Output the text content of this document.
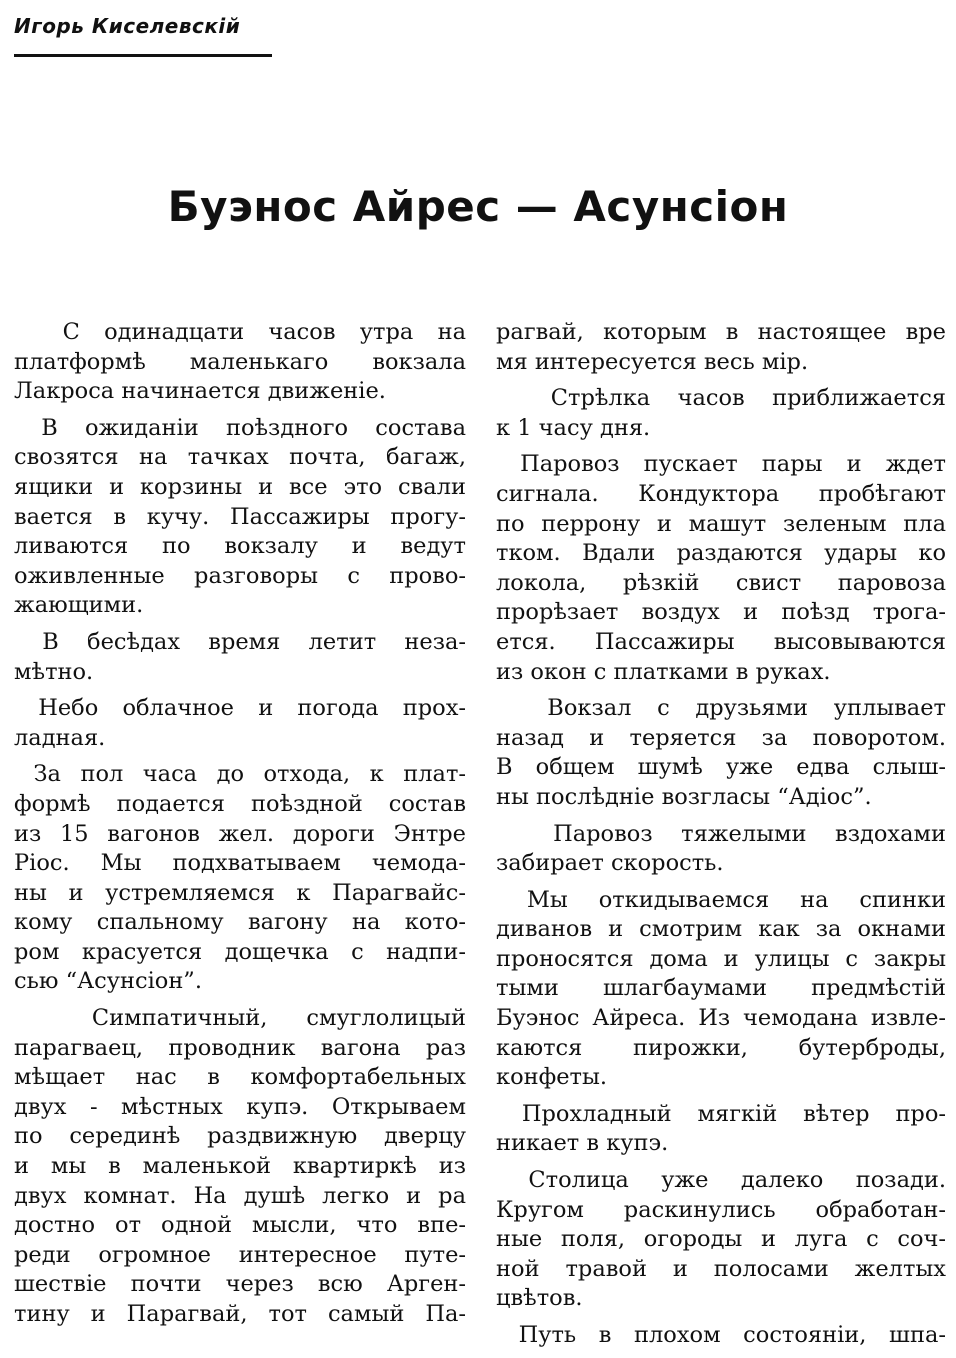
Игорь Киселевскій
Буэнос Айрес — Асунсіон
С одинадцати часов утра на
платформѣ маленькаго вокзала
Лакроса начинается движеніе.
В ожиданіи поѣздного состава
свозятся на тачках почта, багаж,
ящики и корзины и все это свали
вается в кучу. Пассажиры прогу-
ливаются по вокзалу и ведут
оживленные разговоры с прово-
жающими.
В бесѣдах время летит неза-
мѣтно.
Небо облачное и погода прох-
ладная.
За пол часа до отхода, к плат-
формѣ подается поѣздной состав
из 15 вагонов жел. дороги Энтре
Ріос. Мы подхватываем чемода-
ны и устремляемся к Парагвайс-
кому спальному вагону на кото-
ром красуется дощечка с надпи-
сью “Асунсіон”.
Симпатичный, смуглолицый
парагваец, проводник вагона раз
мѣщает нас в комфортабельных
двух - мѣстных купэ. Открываем
по серединѣ раздвижную дверцу
и мы в маленькой квартиркѣ из
двух комнат. На душѣ легко и ра
достно от одной мысли, что впе-
реди огромное интересное путе-
шествіе почти через всю Арген-
тину и Парагвай, тот самый Па-
рагвай, которым в настоящее вре
мя интересуется весь мір.
Стрѣлка часов приближается
к 1 часу дня.
Паровоз пускает пары и ждет
сигнала. Кондуктора пробѣгают
по перрону и машут зеленым пла
тком. Вдали раздаются удары ко
локола, рѣзкій свист паровоза
прорѣзает воздух и поѣзд трога-
ется. Пассажиры высовываются
из окон с платками в руках.
Вокзал с друзьями уплывает
назад и теряется за поворотом.
В общем шумѣ уже едва слыш-
ны послѣдніе возгласы “Адіос”.
Паровоз тяжелыми вздохами
забирает скорость.
Мы откидываемся на спинки
диванов и смотрим как за окнами
проносятся дома и улицы с закры
тыми шлагбаумами предмѣстій
Буэнос Айреса. Из чемодана извле-
каются пирожки, бутерброды,
конфеты.
Прохладный мягкій вѣтер про-
никает в купэ.
Столица уже далеко позади.
Кругом раскинулись обработан-
ные поля, огороды и луга с соч-
ной травой и полосами желтых
цвѣтов.
Путь в плохом состояніи, шпа-
